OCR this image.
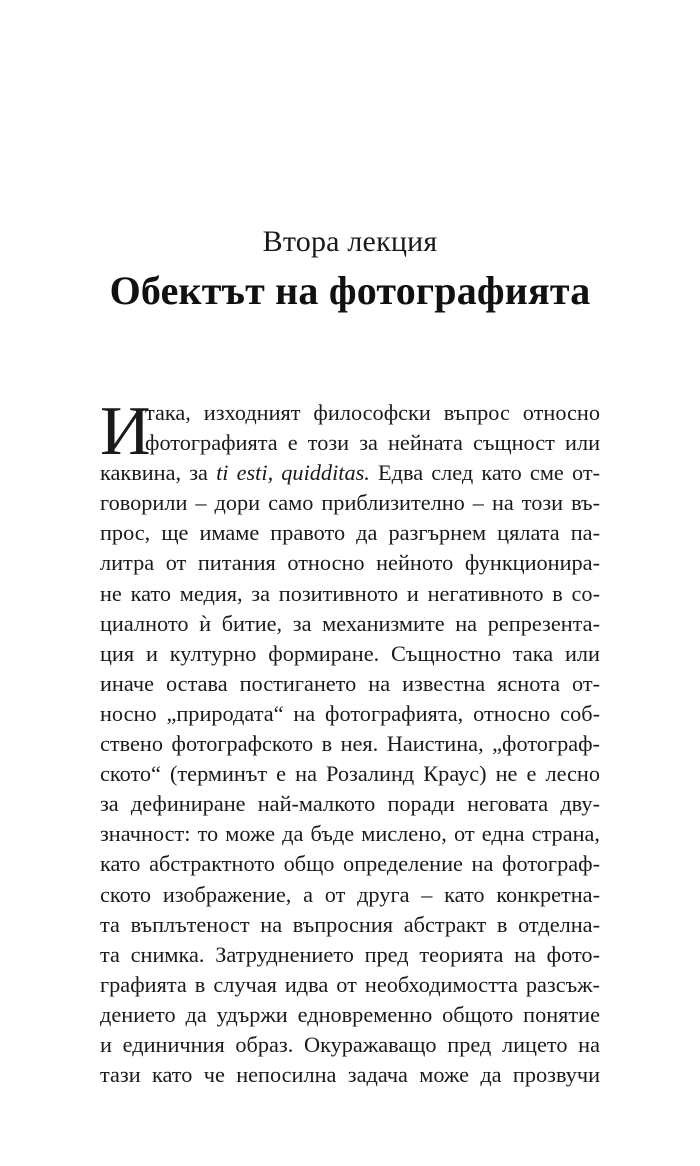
Втора лекция
Обектът на фотографията
И
така, изходният философски въпрос относно
фотографията е този за нейната същност или
каквина, за ti esti, quidditas. Едва след като сме от-
говорили – дори само приблизително – на този въ-
прос, ще имаме правото да разгърнем цялата па-
литра от питания относно нейното функционира-
не като медия, за позитивното и негативното в со-
циалното ѝ битие, за механизмите на репрезента-
ция и културно формиране. Същностно така или
иначе остава постигането на известна яснота от-
носно „природата“ на фотографията, относно соб-
ствено фотографското в нея. Наистина, „фотограф-
ското“ (терминът е на Розалинд Краус) не е лесно
за дефиниране най-малкото поради неговата дву-
значност: то може да бъде мислено, от една страна,
като абстрактното общо определение на фотограф-
ското изображение, а от друга – като конкретна-
та въплътеност на въпросния абстракт в отделна-
та снимка. Затруднението пред теорията на фото-
графията в случая идва от необходимостта разсъж-
дението да удържи едновременно общото понятие
и единичния образ. Окуражаващо пред лицето на
тази като че непосилна задача може да прозвучи
